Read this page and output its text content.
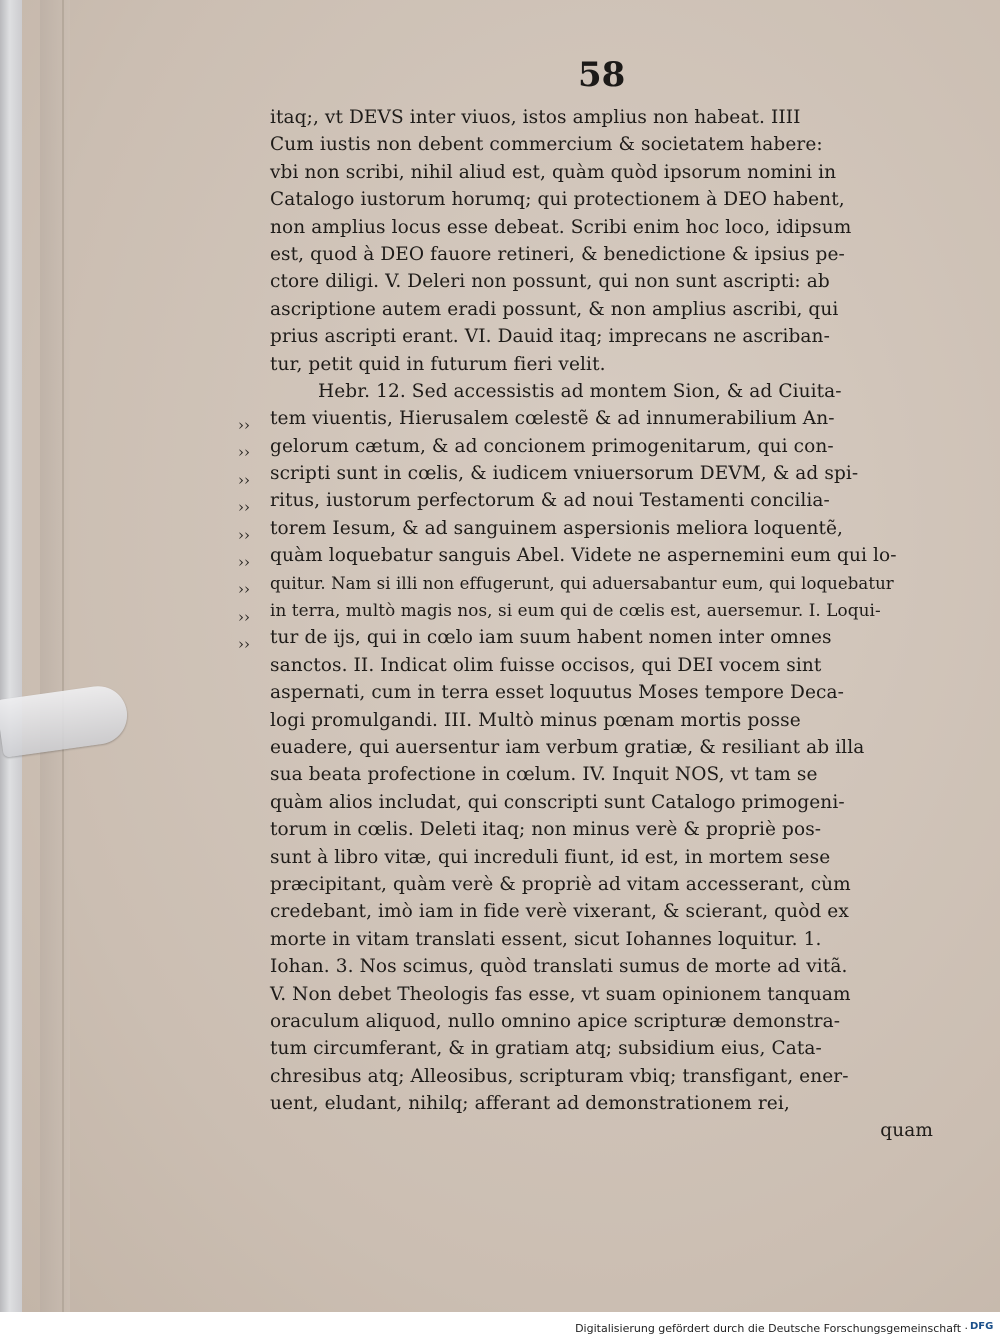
58
itaq;, vt DEVS inter viuos, istos amplius non habeat. IIII
Cum iustis non debent commercium & societatem habere:
vbi non scribi, nihil aliud est, quàm quòd ipsorum nomini in
Catalogo iustorum horumq; qui protectionem à DEO habent,
non amplius locus esse debeat. Scribi enim hoc loco, idipsum
est, quod à DEO fauore retineri, & benedictione & ipsius pe-
ctore diligi. V. Deleri non possunt, qui non sunt ascripti: ab
ascriptione autem eradi possunt, & non amplius ascribi, qui
prius ascripti erant. VI. Dauid itaq; imprecans ne ascriban-
tur, petit quid in futurum fieri velit.
Hebr. 12. Sed accessistis ad montem Sion, & ad Ciuita-
tem viuentis, Hierusalem cœlestẽ & ad innumerabilium An-
gelorum cætum, & ad concionem primogenitarum, qui con-
scripti sunt in cœlis, & iudicem vniuersorum DEVM, & ad spi-
ritus, iustorum perfectorum & ad noui Testamenti concilia-
torem Iesum, & ad sanguinem aspersionis meliora loquentẽ,
quàm loquebatur sanguis Abel. Videte ne aspernemini eum qui lo-
quitur. Nam si illi non effugerunt, qui aduersabantur eum, qui loquebatur
in terra, multò magis nos, si eum qui de cœlis est, auersemur. I. Loqui-
tur de ijs, qui in cœlo iam suum habent nomen inter omnes
sanctos. II. Indicat olim fuisse occisos, qui DEI vocem sint
aspernati, cum in terra esset loquutus Moses tempore Deca-
logi promulgandi. III. Multò minus pœnam mortis posse
euadere, qui auersentur iam verbum gratiæ, & resiliant ab illa
sua beata profectione in cœlum. IV. Inquit NOS, vt tam se
quàm alios includat, qui conscripti sunt Catalogo primogeni-
torum in cœlis. Deleti itaq; non minus verè & propriè pos-
sunt à libro vitæ, qui increduli fiunt, id est, in mortem sese
præcipitant, quàm verè & propriè ad vitam accesserant, cùm
credebant, imò iam in fide verè vixerant, & scierant, quòd ex
morte in vitam translati essent, sicut Iohannes loquitur. 1.
Iohan. 3. Nos scimus, quòd translati sumus de morte ad vitã.
V. Non debet Theologis fas esse, vt suam opinionem tanquam
oraculum aliquod, nullo omnino apice scripturæ demonstra-
tum circumferant, & in gratiam atq; subsidium eius, Cata-
chresibus atq; Alleosibus, scripturam vbiq; transfigant, ener-
uent, eludant, nihilq; afferant ad demonstrationem rei,
quam
››
››
››
››
››
››
››
››
››
Digitalisierung gefördert durch die Deutsche Forschungsgemeinschaft · DFG
